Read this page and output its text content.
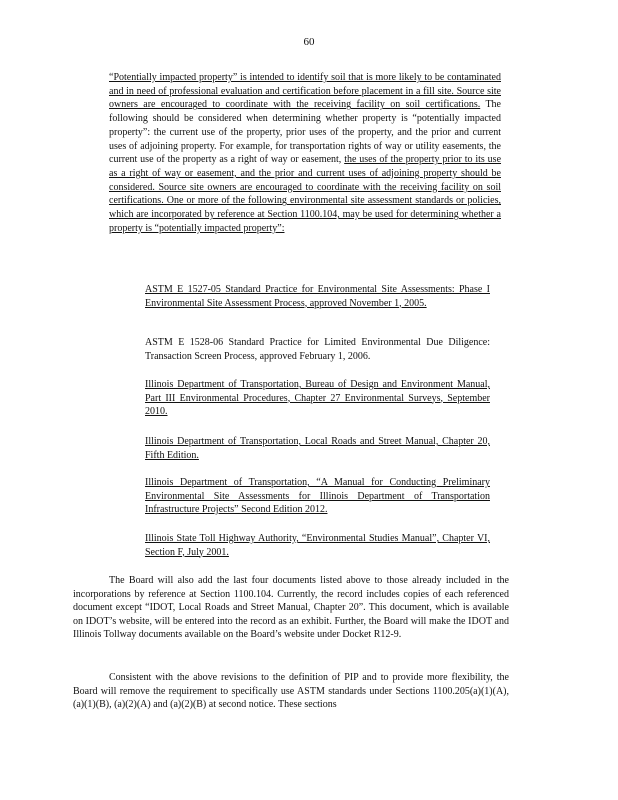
60
“Potentially impacted property” is intended to identify soil that is more likely to be contaminated and in need of professional evaluation and certification before placement in a fill site. Source site owners are encouraged to coordinate with the receiving facility on soil certifications. The following should be considered when determining whether property is “potentially impacted property”: the current use of the property, prior uses of the property, and the prior and current uses of adjoining property. For example, for transportation rights of way or utility easements, the current use of the property as a right of way or easement, the uses of the property prior to its use as a right of way or easement, and the prior and current uses of adjoining property should be considered. Source site owners are encouraged to coordinate with the receiving facility on soil certifications. One or more of the following environmental site assessment standards or policies, which are incorporated by reference at Section 1100.104, may be used for determining whether a property is “potentially impacted property”:
ASTM E 1527-05 Standard Practice for Environmental Site Assessments: Phase I Environmental Site Assessment Process, approved November 1, 2005.
ASTM E 1528-06 Standard Practice for Limited Environmental Due Diligence: Transaction Screen Process, approved February 1, 2006.
Illinois Department of Transportation, Bureau of Design and Environment Manual, Part III Environmental Procedures, Chapter 27 Environmental Surveys, September 2010.
Illinois Department of Transportation, Local Roads and Street Manual, Chapter 20, Fifth Edition.
Illinois Department of Transportation, “A Manual for Conducting Preliminary Environmental Site Assessments for Illinois Department of Transportation Infrastructure Projects” Second Edition 2012.
Illinois State Toll Highway Authority, “Environmental Studies Manual”, Chapter VI, Section F, July 2001.
The Board will also add the last four documents listed above to those already included in the incorporations by reference at Section 1100.104. Currently, the record includes copies of each referenced document except “IDOT, Local Roads and Street Manual, Chapter 20”. This document, which is available on IDOT’s website, will be entered into the record as an exhibit. Further, the Board will make the IDOT and Illinois Tollway documents available on the Board’s website under Docket R12-9.
Consistent with the above revisions to the definition of PIP and to provide more flexibility, the Board will remove the requirement to specifically use ASTM standards under Sections 1100.205(a)(1)(A), (a)(1)(B), (a)(2)(A) and (a)(2)(B) at second notice. These sections
